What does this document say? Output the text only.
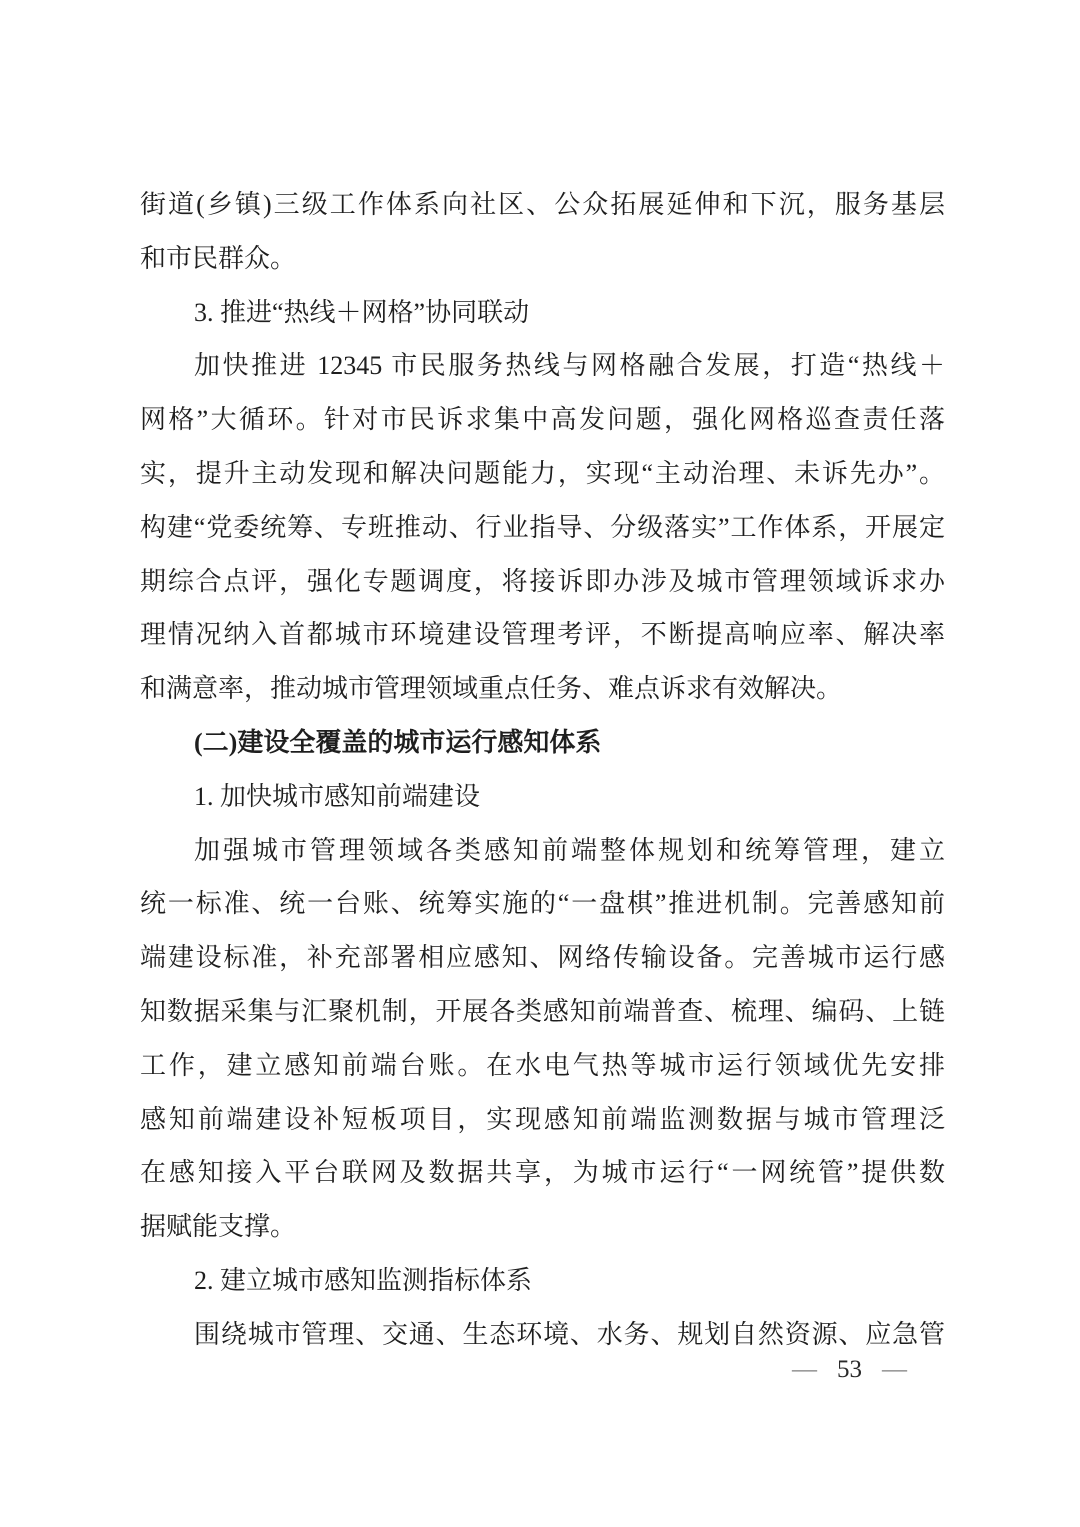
街道(乡镇)三级工作体系向社区、公众拓展延伸和下沉，服务基层
和市民群众。
3. 推进“热线＋网格”协同联动
加快推进 12345 市民服务热线与网格融合发展，打造“热线＋
网格”大循环。针对市民诉求集中高发问题，强化网格巡查责任落
实，提升主动发现和解决问题能力，实现“主动治理、未诉先办”。
构建“党委统筹、专班推动、行业指导、分级落实”工作体系，开展定
期综合点评，强化专题调度，将接诉即办涉及城市管理领域诉求办
理情况纳入首都城市环境建设管理考评，不断提高响应率、解决率
和满意率，推动城市管理领域重点任务、难点诉求有效解决。
(二)建设全覆盖的城市运行感知体系
1. 加快城市感知前端建设
加强城市管理领域各类感知前端整体规划和统筹管理，建立
统一标准、统一台账、统筹实施的“一盘棋”推进机制。完善感知前
端建设标准，补充部署相应感知、网络传输设备。完善城市运行感
知数据采集与汇聚机制，开展各类感知前端普查、梳理、编码、上链
工作，建立感知前端台账。在水电气热等城市运行领域优先安排
感知前端建设补短板项目，实现感知前端监测数据与城市管理泛
在感知接入平台联网及数据共享，为城市运行“一网统管”提供数
据赋能支撑。
2. 建立城市感知监测指标体系
围绕城市管理、交通、生态环境、水务、规划自然资源、应急管
— 53 —
